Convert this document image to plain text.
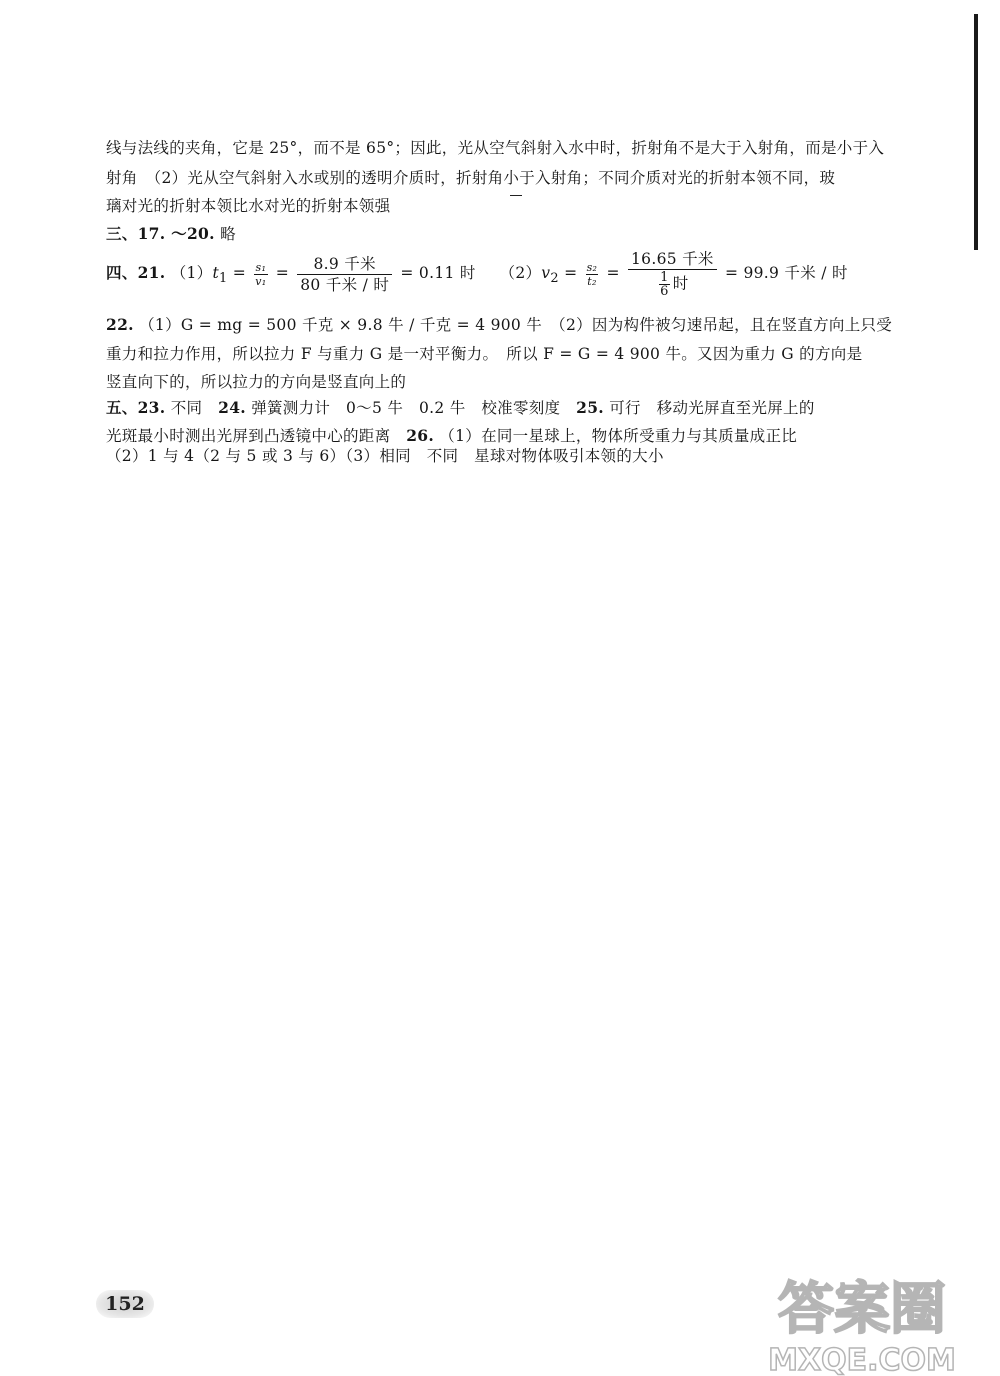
线与法线的夹角，它是 25°，而不是 65°；因此，光从空气斜射入水中时，折射角不是大于入射角，而是小于入
射角　（2）光从空气斜射入水或别的透明介质时，折射角小于入射角；不同介质对光的折射本领不同，玻
璃对光的折射本领比水对光的折射本领强
三、17. ～20. 略
四、21. $(1)t_1 = \frac{\text{s₁}}{\text{v₁}} = \frac{\text{8.9 千米}}{\text{80 千米 / 时}} = 0.11$ 时　　$(2)v_2 = \frac{\text{s₂}}{\text{t₂}} = \frac{\text{16.65 千米}}{\frac{1}{6} 时} = 99.9$ 千米 / 时
22. （1）G = mg = 500 千克 × 9.8 牛 / 千克 = 4 900 牛　（2）因为构件被匀速吊起，且在竖直方向上只受
重力和拉力作用，所以拉力 F 与重力 G 是一对平衡力。　所以 F = G = 4 900 牛。又因为重力 G 的方向是
竖直向下的，所以拉力的方向是竖直向上的
五、23. 不同　24. 弹簧测力计　0～5 牛　0.2 牛　校准零刻度　25. 可行　移动光屏直至光屏上的
光斑最小时测出光屏到凸透镜中心的距离　26. （1）在同一星球上，物体所受重力与其质量成正比
（2）1 与 4（2 与 5 或 3 与 6）（3）相同　不同　星球对物体吸引本领的大小
152	答案圈
MXQE.COM
